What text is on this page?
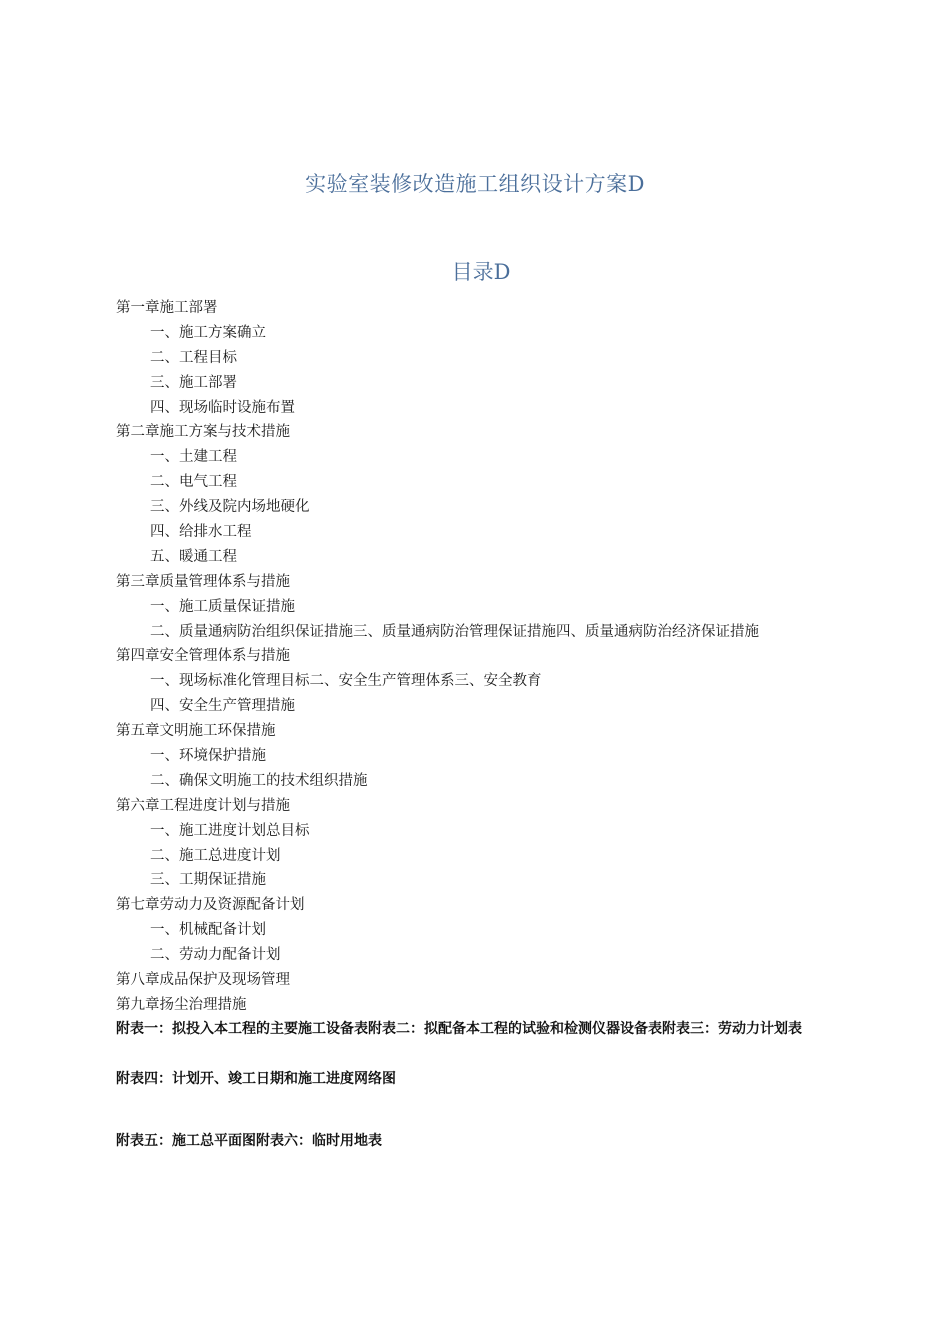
实验室装修改造施工组织设计方案D
目录D
第一章施工部署
一、施工方案确立
二、工程目标
三、施工部署
四、现场临时设施布置
第二章施工方案与技术措施
一、土建工程
二、电气工程
三、外线及院内场地硬化
四、给排水工程
五、暖通工程
第三章质量管理体系与措施
一、施工质量保证措施
二、质量通病防治组织保证措施三、质量通病防治管理保证措施四、质量通病防治经济保证措施
第四章安全管理体系与措施
一、现场标准化管理目标二、安全生产管理体系三、安全教育
四、安全生产管理措施
第五章文明施工环保措施
一、环境保护措施
二、确保文明施工的技术组织措施
第六章工程进度计划与措施
一、施工进度计划总目标
二、施工总进度计划
三、工期保证措施
第七章劳动力及资源配备计划
一、机械配备计划
二、劳动力配备计划
第八章成品保护及现场管理
第九章扬尘治理措施
附表一：拟投入本工程的主要施工设备表附表二：拟配备本工程的试验和检测仪器设备表附表三：劳动力计划表
附表四：计划开、竣工日期和施工进度网络图
附表五：施工总平面图附表六：临时用地表
